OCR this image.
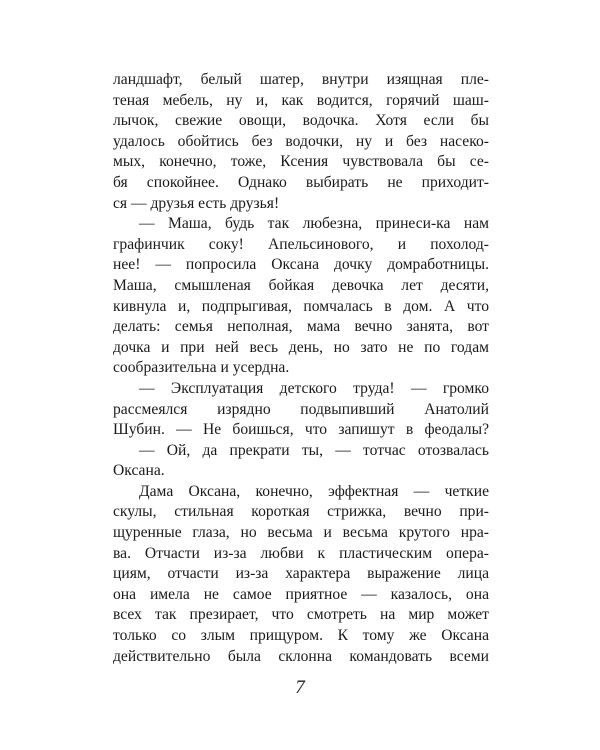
ландшафт, белый шатер, внутри изящная пле-
теная мебель, ну и, как водится, горячий шаш-
лычок, свежие овощи, водочка. Хотя если бы
удалось обойтись без водочки, ну и без насеко-
мых, конечно, тоже, Ксения чувствовала бы се-
бя спокойнее. Однако выбирать не приходит-
ся — друзья есть друзья!
— Маша, будь так любезна, принеси-ка нам
графинчик соку! Апельсинового, и похолод-
нее! — попросила Оксана дочку домработницы.
Маша, смышленая бойкая девочка лет десяти,
кивнула и, подпрыгивая, помчалась в дом. А что
делать: семья неполная, мама вечно занята, вот
дочка и при ней весь день, но зато не по годам
сообразительна и усердна.
— Эксплуатация детского труда! — громко
рассмеялся изрядно подвыпивший Анатолий
Шубин. — Не боишься, что запишут в феодалы?
— Ой, да прекрати ты, — тотчас отозвалась
Оксана.
Дама Оксана, конечно, эффектная — четкие
скулы, стильная короткая стрижка, вечно при-
щуренные глаза, но весьма и весьма крутого нра-
ва. Отчасти из-за любви к пластическим опера-
циям, отчасти из-за характера выражение лица
она имела не самое приятное — казалось, она
всех так презирает, что смотреть на мир может
только со злым прищуром. К тому же Оксана
действительно была склонна командовать всеми
7
